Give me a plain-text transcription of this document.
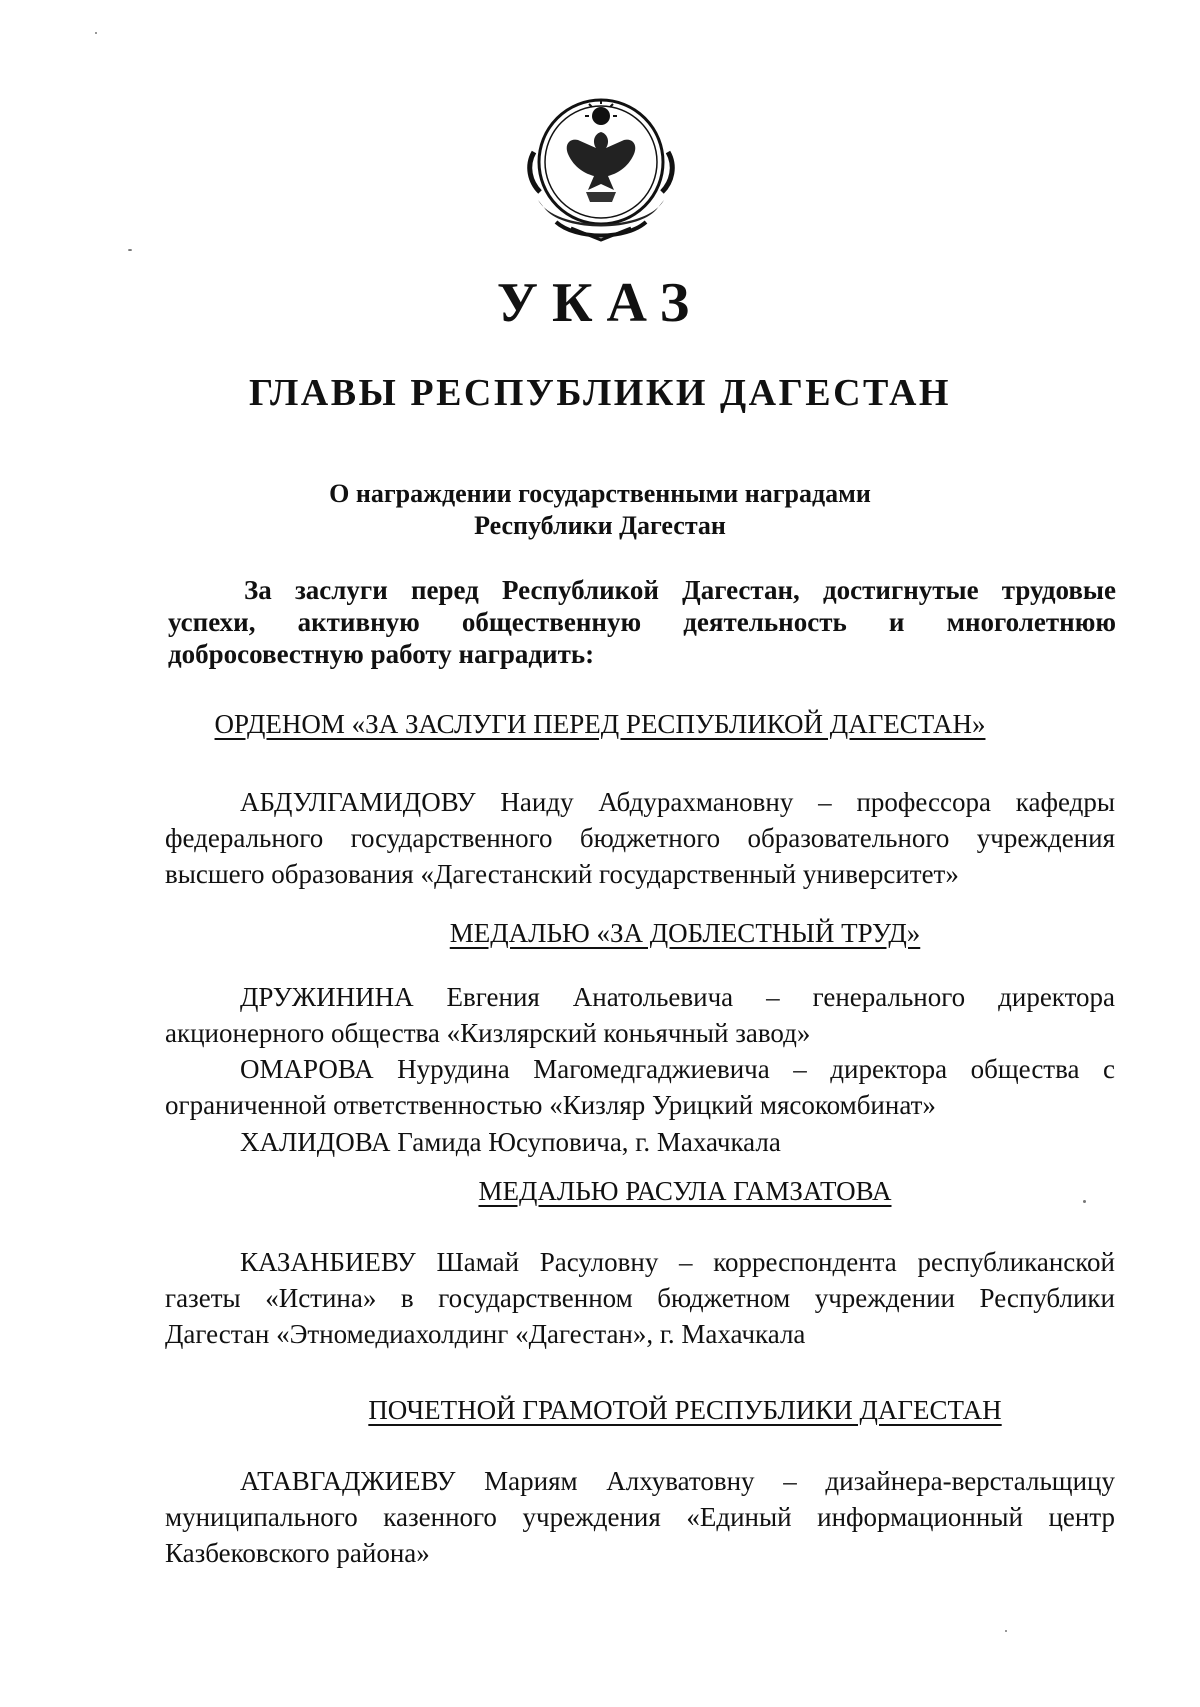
УКАЗ
ГЛАВЫ РЕСПУБЛИКИ ДАГЕСТАН
О награждении государственными наградами
Республики Дагестан
За заслуги перед Республикой Дагестан, достигнутые трудовые
успехи, активную общественную деятельность и многолетнюю
добросовестную работу наградить:
ОРДЕНОМ «ЗА ЗАСЛУГИ ПЕРЕД РЕСПУБЛИКОЙ ДАГЕСТАН»
АБДУЛГАМИДОВУ Наиду Абдурахмановну – профессора кафедры
федерального государственного бюджетного образовательного учреждения
высшего образования «Дагестанский государственный университет»
МЕДАЛЬЮ «ЗА ДОБЛЕСТНЫЙ ТРУД»
ДРУЖИНИНА Евгения Анатольевича – генерального директора
акционерного общества «Кизлярский коньячный завод»
ОМАРОВА Нурудина Магомедгаджиевича – директора общества с
ограниченной ответственностью «Кизляр Урицкий мясокомбинат»
ХАЛИДОВА Гамида Юсуповича, г. Махачкала
МЕДАЛЬЮ РАСУЛА ГАМЗАТОВА
КАЗАНБИЕВУ Шамай Расуловну – корреспондента республиканской
газеты «Истина» в государственном бюджетном учреждении Республики
Дагестан «Этномедиахолдинг «Дагестан», г. Махачкала
ПОЧЕТНОЙ ГРАМОТОЙ РЕСПУБЛИКИ ДАГЕСТАН
АТАВГАДЖИЕВУ Мариям Алхуватовну – дизайнера-верстальщицу
муниципального казенного учреждения «Единый информационный центр
Казбековского района»
